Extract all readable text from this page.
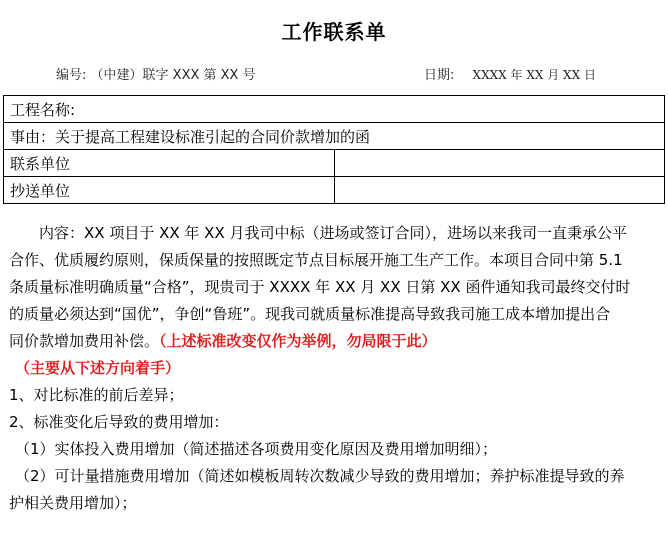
工作联系单
编号: （中建）联字 XXX 第 XX 号	日期: XXXX 年 XX 月 XX 日
工程名称:	
事由：关于提高工程建设标准引起的合同价款增加的函	
联系单位	
抄送单位	
内容：XX 项目于 XX 年 XX 月我司中标（进场或签订合同），进场以来我司一直秉承公平
合作、优质履约原则，保质保量的按照既定节点目标展开施工生产工作。本项目合同中第 5.1
条质量标准明确质量“合格”，现贵司于 XXXX 年 XX 月 XX 日第 XX 函件通知我司最终交付时
的质量必须达到“国优”，争创“鲁班”。现我司就质量标准提高导致我司施工成本增加提出合
同价款增加费用补偿。（上述标准改变仅作为举例，勿局限于此）
（主要从下述方向着手）
1、对比标准的前后差异；
2、标准变化后导致的费用增加：
（1）实体投入费用增加（简述描述各项费用变化原因及费用增加明细）；
（2）可计量措施费用增加（简述如模板周转次数减少导致的费用增加；养护标准提导致的养
护相关费用增加）；
